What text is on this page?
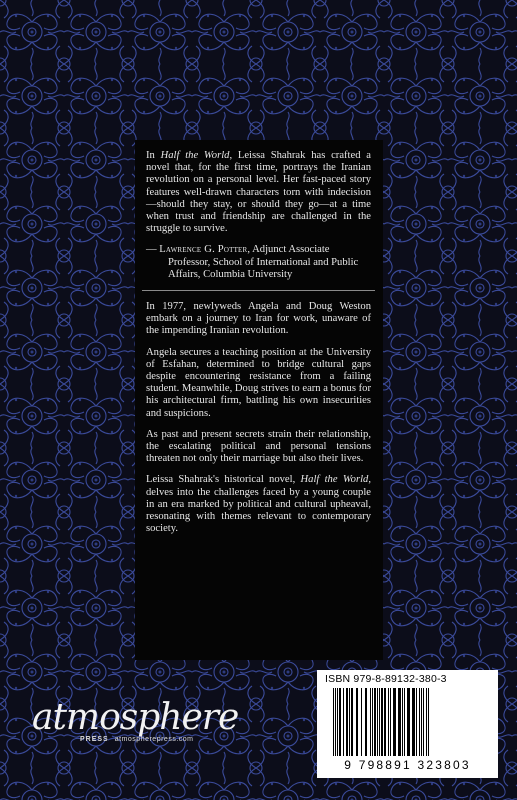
In Half the World, Leissa Shahrak has crafted a novel that, for the first time, portrays the Iranian revolution on a personal level. Her fast-paced story features well-drawn characters torn with indecision—should they stay, or should they go—at a time when trust and friendship are challenged in the struggle to survive.

— Lawrence G. Potter, Adjunct Associate Professor, School of International and Public Affairs, Columbia University

In 1977, newlyweds Angela and Doug Weston embark on a journey to Iran for work, unaware of the impending Iranian revolution.

Angela secures a teaching position at the University of Esfahan, determined to bridge cultural gaps despite encountering resistance from a failing student. Meanwhile, Doug strives to earn a bonus for his architectural firm, battling his own insecurities and suspicions.

As past and present secrets strain their relationship, the escalating political and personal tensions threaten not only their marriage but also their lives.

Leissa Shahrak's historical novel, Half the World, delves into the challenges faced by a young couple in an era marked by political and cultural upheaval, resonating with themes relevant to contemporary society.

atmosphere
PRESS atmospherepress.com
ISBN 979-8-89132-380-3
9 798891 323803
